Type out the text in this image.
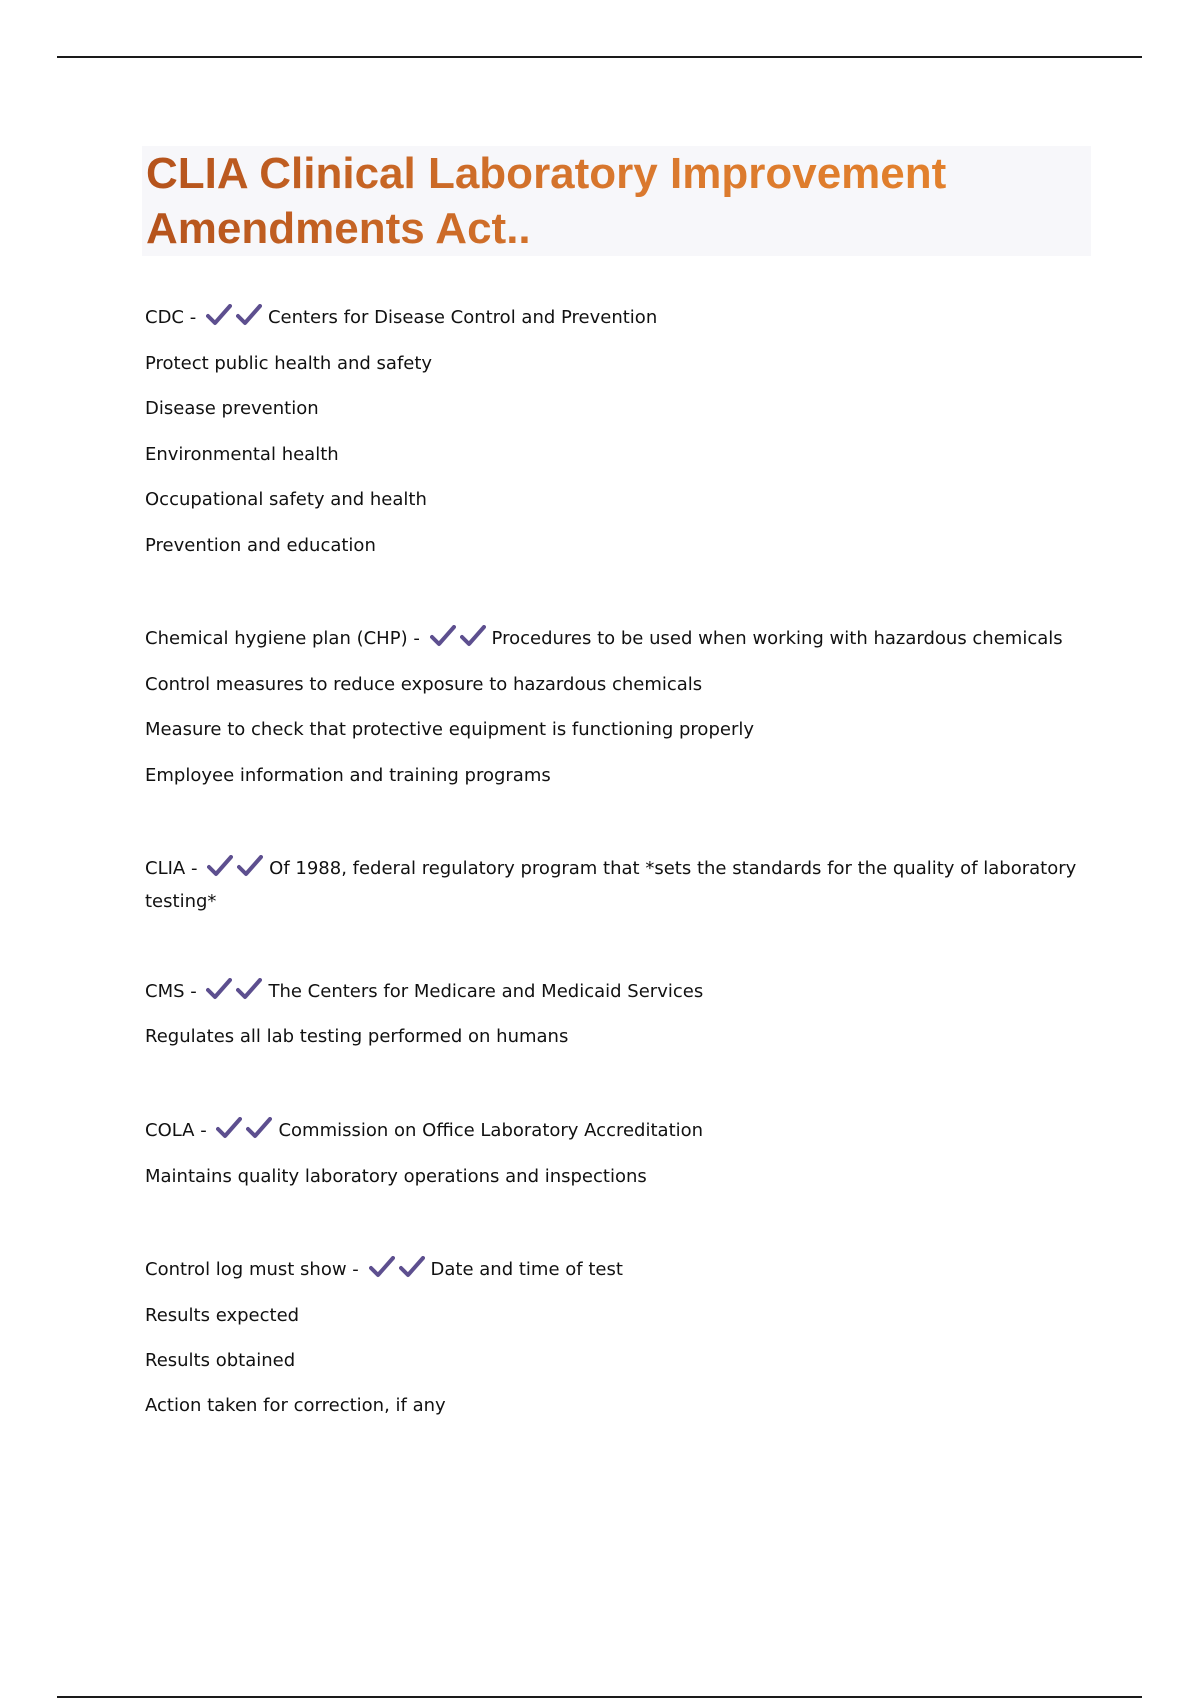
CLIA Clinical Laboratory Improvement Amendments Act..
CDC -	Centers for Disease Control and Prevention
Protect public health and safety
Disease prevention
Environmental health
Occupational safety and health
Prevention and education
Chemical hygiene plan (CHP) -	Procedures to be used when working with hazardous chemicals
Control measures to reduce exposure to hazardous chemicals
Measure to check that protective equipment is functioning properly
Employee information and training programs
CLIA -	Of 1988, federal regulatory program that *sets the standards for the quality of laboratory testing*
CMS -	The Centers for Medicare and Medicaid Services
Regulates all lab testing performed on humans
COLA -	Commission on Office Laboratory Accreditation
Maintains quality laboratory operations and inspections
Control log must show -	Date and time of test
Results expected
Results obtained
Action taken for correction, if any
